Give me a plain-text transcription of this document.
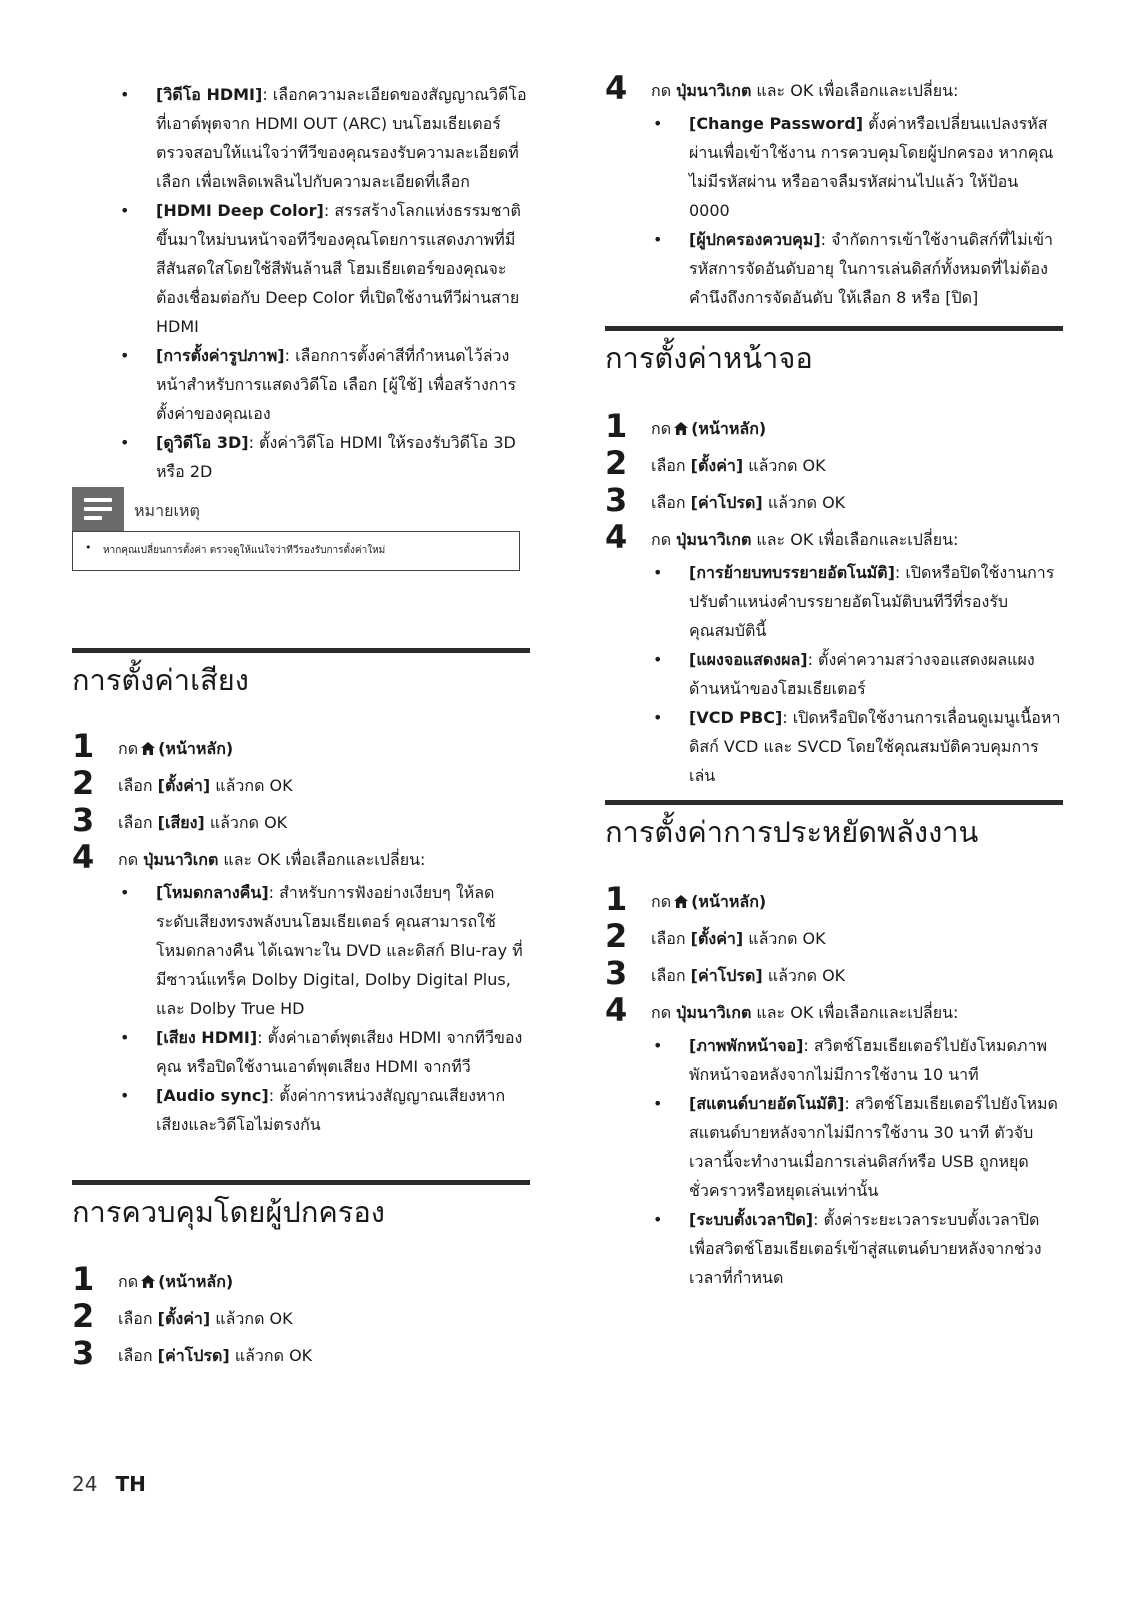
• [วิดีโอ HDMI]: เลือกความละเอียดของสัญญาณวิดีโอที่เอาต์พุตจาก HDMI OUT (ARC) บนโฮมเธียเตอร์ ตรวจสอบให้แน่ใจว่าทีวีของคุณรองรับความละเอียดที่เลือก เพื่อเพลิดเพลินไปกับความละเอียดที่เลือก
• [HDMI Deep Color]: สรรสร้างโลกแห่งธรรมชาติขึ้นมาใหม่บนหน้าจอทีวีของคุณโดยการแสดงภาพที่มีสีสันสดใสโดยใช้สีพันล้านสี โฮมเธียเตอร์ของคุณจะต้องเชื่อมต่อกับ Deep Color ที่เปิดใช้งานทีวีผ่านสาย HDMI
• [การตั้งค่ารูปภาพ]: เลือกการตั้งค่าสีที่กำหนดไว้ล่วงหน้าสำหรับการแสดงวิดีโอ เลือก [ผู้ใช้] เพื่อสร้างการตั้งค่าของคุณเอง
• [ดูวิดีโอ 3D]: ตั้งค่าวิดีโอ HDMI ให้รองรับวิดีโอ 3D หรือ 2D
หมายเหตุ
• หากคุณเปลี่ยนการตั้งค่า ตรวจดูให้แน่ใจว่าทีวีรองรับการตั้งค่าใหม่
การตั้งค่าเสียง
1 กด (หน้าหลัก)
2 เลือก [ตั้งค่า] แล้วกด OK
3 เลือก [เสียง] แล้วกด OK
4 กด ปุ่มนาวิเกต และ OK เพื่อเลือกและเปลี่ยน:
• [โหมดกลางคืน]: สำหรับการฟังอย่างเงียบๆ ให้ลดระดับเสียงทรงพลังบนโฮมเธียเตอร์ คุณสามารถใช้โหมดกลางคืน ได้เฉพาะใน DVD และดิสก์ Blu-ray ที่มีซาวน์แทร็ค Dolby Digital, Dolby Digital Plus, และ Dolby True HD
• [เสียง HDMI]: ตั้งค่าเอาต์พุตเสียง HDMI จากทีวีของคุณ หรือปิดใช้งานเอาต์พุตเสียง HDMI จากทีวี
• [Audio sync]: ตั้งค่าการหน่วงสัญญาณเสียงหากเสียงและวิดีโอไม่ตรงกัน
การควบคุมโดยผู้ปกครอง
1 กด (หน้าหลัก)
2 เลือก [ตั้งค่า] แล้วกด OK
3 เลือก [ค่าโปรด] แล้วกด OK
4 กด ปุ่มนาวิเกต และ OK เพื่อเลือกและเปลี่ยน:
• [Change Password] ตั้งค่าหรือเปลี่ยนแปลงรหัสผ่านเพื่อเข้าใช้งาน การควบคุมโดยผู้ปกครอง หากคุณไม่มีรหัสผ่าน หรืออาจลืมรหัสผ่านไปแล้ว ให้ป้อน 0000
• [ผู้ปกครองควบคุม]: จำกัดการเข้าใช้งานดิสก์ที่ไม่เข้ารหัสการจัดอันดับอายุ ในการเล่นดิสก์ทั้งหมดที่ไม่ต้องคำนึงถึงการจัดอันดับ ให้เลือก 8 หรือ [ปิด]
การตั้งค่าหน้าจอ
1 กด (หน้าหลัก)
2 เลือก [ตั้งค่า] แล้วกด OK
3 เลือก [ค่าโปรด] แล้วกด OK
4 กด ปุ่มนาวิเกต และ OK เพื่อเลือกและเปลี่ยน:
• [การย้ายบทบรรยายอัตโนมัติ]: เปิดหรือปิดใช้งานการปรับตำแหน่งคำบรรยายอัตโนมัติบนทีวีที่รองรับคุณสมบัตินี้
• [แผงจอแสดงผล]: ตั้งค่าความสว่างจอแสดงผลแผงด้านหน้าของโฮมเธียเตอร์
• [VCD PBC]: เปิดหรือปิดใช้งานการเลื่อนดูเมนูเนื้อหาดิสก์ VCD และ SVCD โดยใช้คุณสมบัติควบคุมการเล่น
การตั้งค่าการประหยัดพลังงาน
1 กด (หน้าหลัก)
2 เลือก [ตั้งค่า] แล้วกด OK
3 เลือก [ค่าโปรด] แล้วกด OK
4 กด ปุ่มนาวิเกต และ OK เพื่อเลือกและเปลี่ยน:
• [ภาพพักหน้าจอ]: สวิตช์โฮมเธียเตอร์ไปยังโหมดภาพพักหน้าจอหลังจากไม่มีการใช้งาน 10 นาที
• [สแตนด์บายอัตโนมัติ]: สวิตช์โฮมเธียเตอร์ไปยังโหมดสแตนด์บายหลังจากไม่มีการใช้งาน 30 นาที ตัวจับเวลานี้จะทำงานเมื่อการเล่นดิสก์หรือ USB ถูกหยุดชั่วคราวหรือหยุดเล่นเท่านั้น
• [ระบบตั้งเวลาปิด]: ตั้งค่าระยะเวลาระบบตั้งเวลาปิดเพื่อสวิตช์โฮมเธียเตอร์เข้าสู่สแตนด์บายหลังจากช่วงเวลาที่กำหนด
24 TH
